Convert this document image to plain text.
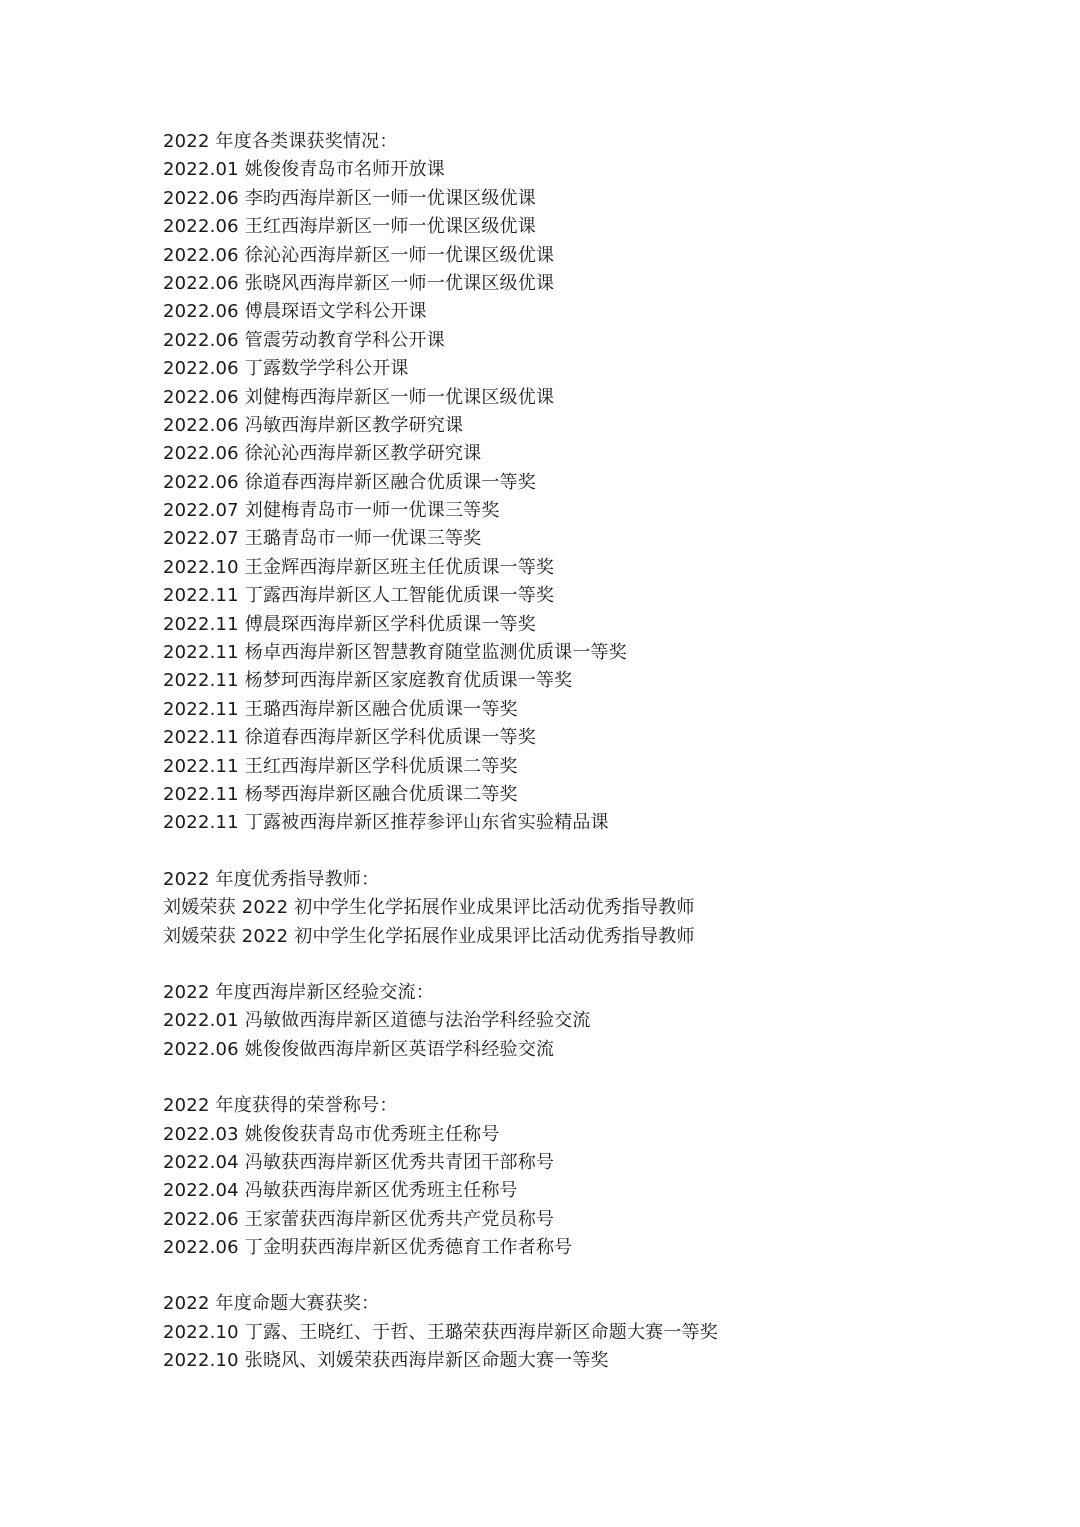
2022 年度各类课获奖情况：
2022.01 姚俊俊青岛市名师开放课
2022.06 李昀西海岸新区一师一优课区级优课
2022.06 王红西海岸新区一师一优课区级优课
2022.06 徐沁沁西海岸新区一师一优课区级优课
2022.06 张晓风西海岸新区一师一优课区级优课
2022.06 傅晨琛语文学科公开课
2022.06 管震劳动教育学科公开课
2022.06 丁露数学学科公开课
2022.06 刘健梅西海岸新区一师一优课区级优课
2022.06 冯敏西海岸新区教学研究课
2022.06 徐沁沁西海岸新区教学研究课
2022.06 徐道春西海岸新区融合优质课一等奖
2022.07 刘健梅青岛市一师一优课三等奖
2022.07 王璐青岛市一师一优课三等奖
2022.10 王金辉西海岸新区班主任优质课一等奖
2022.11 丁露西海岸新区人工智能优质课一等奖
2022.11 傅晨琛西海岸新区学科优质课一等奖
2022.11 杨卓西海岸新区智慧教育随堂监测优质课一等奖
2022.11 杨梦珂西海岸新区家庭教育优质课一等奖
2022.11 王璐西海岸新区融合优质课一等奖
2022.11 徐道春西海岸新区学科优质课一等奖
2022.11 王红西海岸新区学科优质课二等奖
2022.11 杨琴西海岸新区融合优质课二等奖
2022.11 丁露被西海岸新区推荐参评山东省实验精品课
2022 年度优秀指导教师：
刘媛荣获 2022 初中学生化学拓展作业成果评比活动优秀指导教师
刘媛荣获 2022 初中学生化学拓展作业成果评比活动优秀指导教师
2022 年度西海岸新区经验交流：
2022.01 冯敏做西海岸新区道德与法治学科经验交流
2022.06 姚俊俊做西海岸新区英语学科经验交流
2022 年度获得的荣誉称号：
2022.03 姚俊俊获青岛市优秀班主任称号
2022.04 冯敏获西海岸新区优秀共青团干部称号
2022.04 冯敏获西海岸新区优秀班主任称号
2022.06 王家蕾获西海岸新区优秀共产党员称号
2022.06 丁金明获西海岸新区优秀德育工作者称号
2022 年度命题大赛获奖：
2022.10 丁露、王晓红、于哲、王璐荣获西海岸新区命题大赛一等奖
2022.10 张晓风、刘媛荣获西海岸新区命题大赛一等奖
